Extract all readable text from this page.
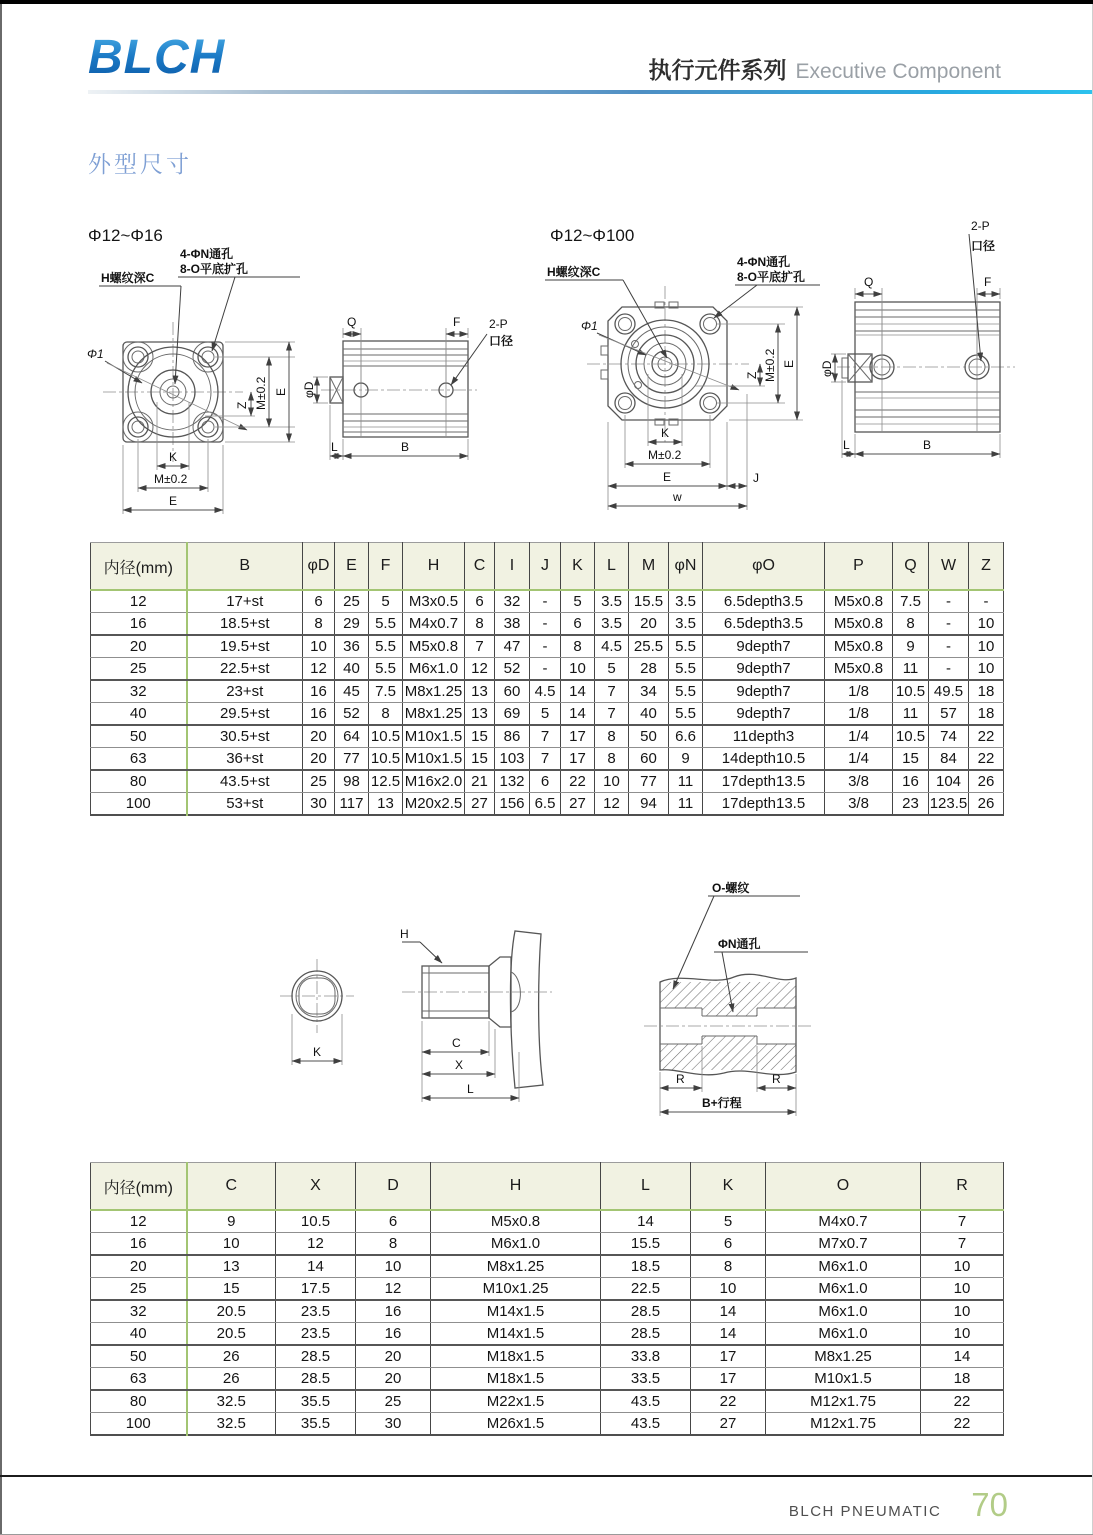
BLCH	执行元件系列 Executive Component
外型尺寸
Φ12~Φ16	Φ12~Φ100
H螺纹深C
4-ΦN通孔
8-O平底扩孔
Φ1
Z M±0.2 E
K
M±0.2
E
Q	F 2-P
口径
φD
L	B
H螺纹深C
4-ΦN通孔
8-O平底扩孔
Φ1
Z M±0.2 E
K
M±0.2
E	J
w
Q	F
2-P
口径
φD
L	B
K
H
C
X
L
O-螺纹
ΦN通孔
R	R
B+行程
内径(mm)	B	φD	E	F	H	C	I	J	K	L	M	φN	φO	P	Q	W	Z
12	17+st	6	25	5	M3x0.5	6	32	-	5	3.5	15.5	3.5	6.5depth3.5	M5x0.8	7.5	-	-
16	18.5+st	8	29	5.5	M4x0.7	8	38	-	6	3.5	20	3.5	6.5depth3.5	M5x0.8	8	-	10
20	19.5+st	10	36	5.5	M5x0.8	7	47	-	8	4.5	25.5	5.5	9depth7	M5x0.8	9	-	10
25	22.5+st	12	40	5.5	M6x1.0	12	52	-	10	5	28	5.5	9depth7	M5x0.8	11	-	10
32	23+st	16	45	7.5	M8x1.25	13	60	4.5	14	7	34	5.5	9depth7	1/8	10.5	49.5	18
40	29.5+st	16	52	8	M8x1.25	13	69	5	14	7	40	5.5	9depth7	1/8	11	57	18
50	30.5+st	20	64	10.5	M10x1.5	15	86	7	17	8	50	6.6	11depth3	1/4	10.5	74	22
63	36+st	20	77	10.5	M10x1.5	15	103	7	17	8	60	9	14depth10.5	1/4	15	84	22
80	43.5+st	25	98	12.5	M16x2.0	21	132	6	22	10	77	11	17depth13.5	3/8	16	104	26
100	53+st	30	117	13	M20x2.5	27	156	6.5	27	12	94	11	17depth13.5	3/8	23	123.5	26
内径(mm)	C	X	D	H	L	K	O	R
12	9	10.5	6	M5x0.8	14	5	M4x0.7	7
16	10	12	8	M6x1.0	15.5	6	M7x0.7	7
20	13	14	10	M8x1.25	18.5	8	M6x1.0	10
25	15	17.5	12	M10x1.25	22.5	10	M6x1.0	10
32	20.5	23.5	16	M14x1.5	28.5	14	M6x1.0	10
40	20.5	23.5	16	M14x1.5	28.5	14	M6x1.0	10
50	26	28.5	20	M18x1.5	33.8	17	M8x1.25	14
63	26	28.5	20	M18x1.5	33.5	17	M10x1.5	18
80	32.5	35.5	25	M22x1.5	43.5	22	M12x1.75	22
100	32.5	35.5	30	M26x1.5	43.5	27	M12x1.75	22
BLCH PNEUMATIC 70
